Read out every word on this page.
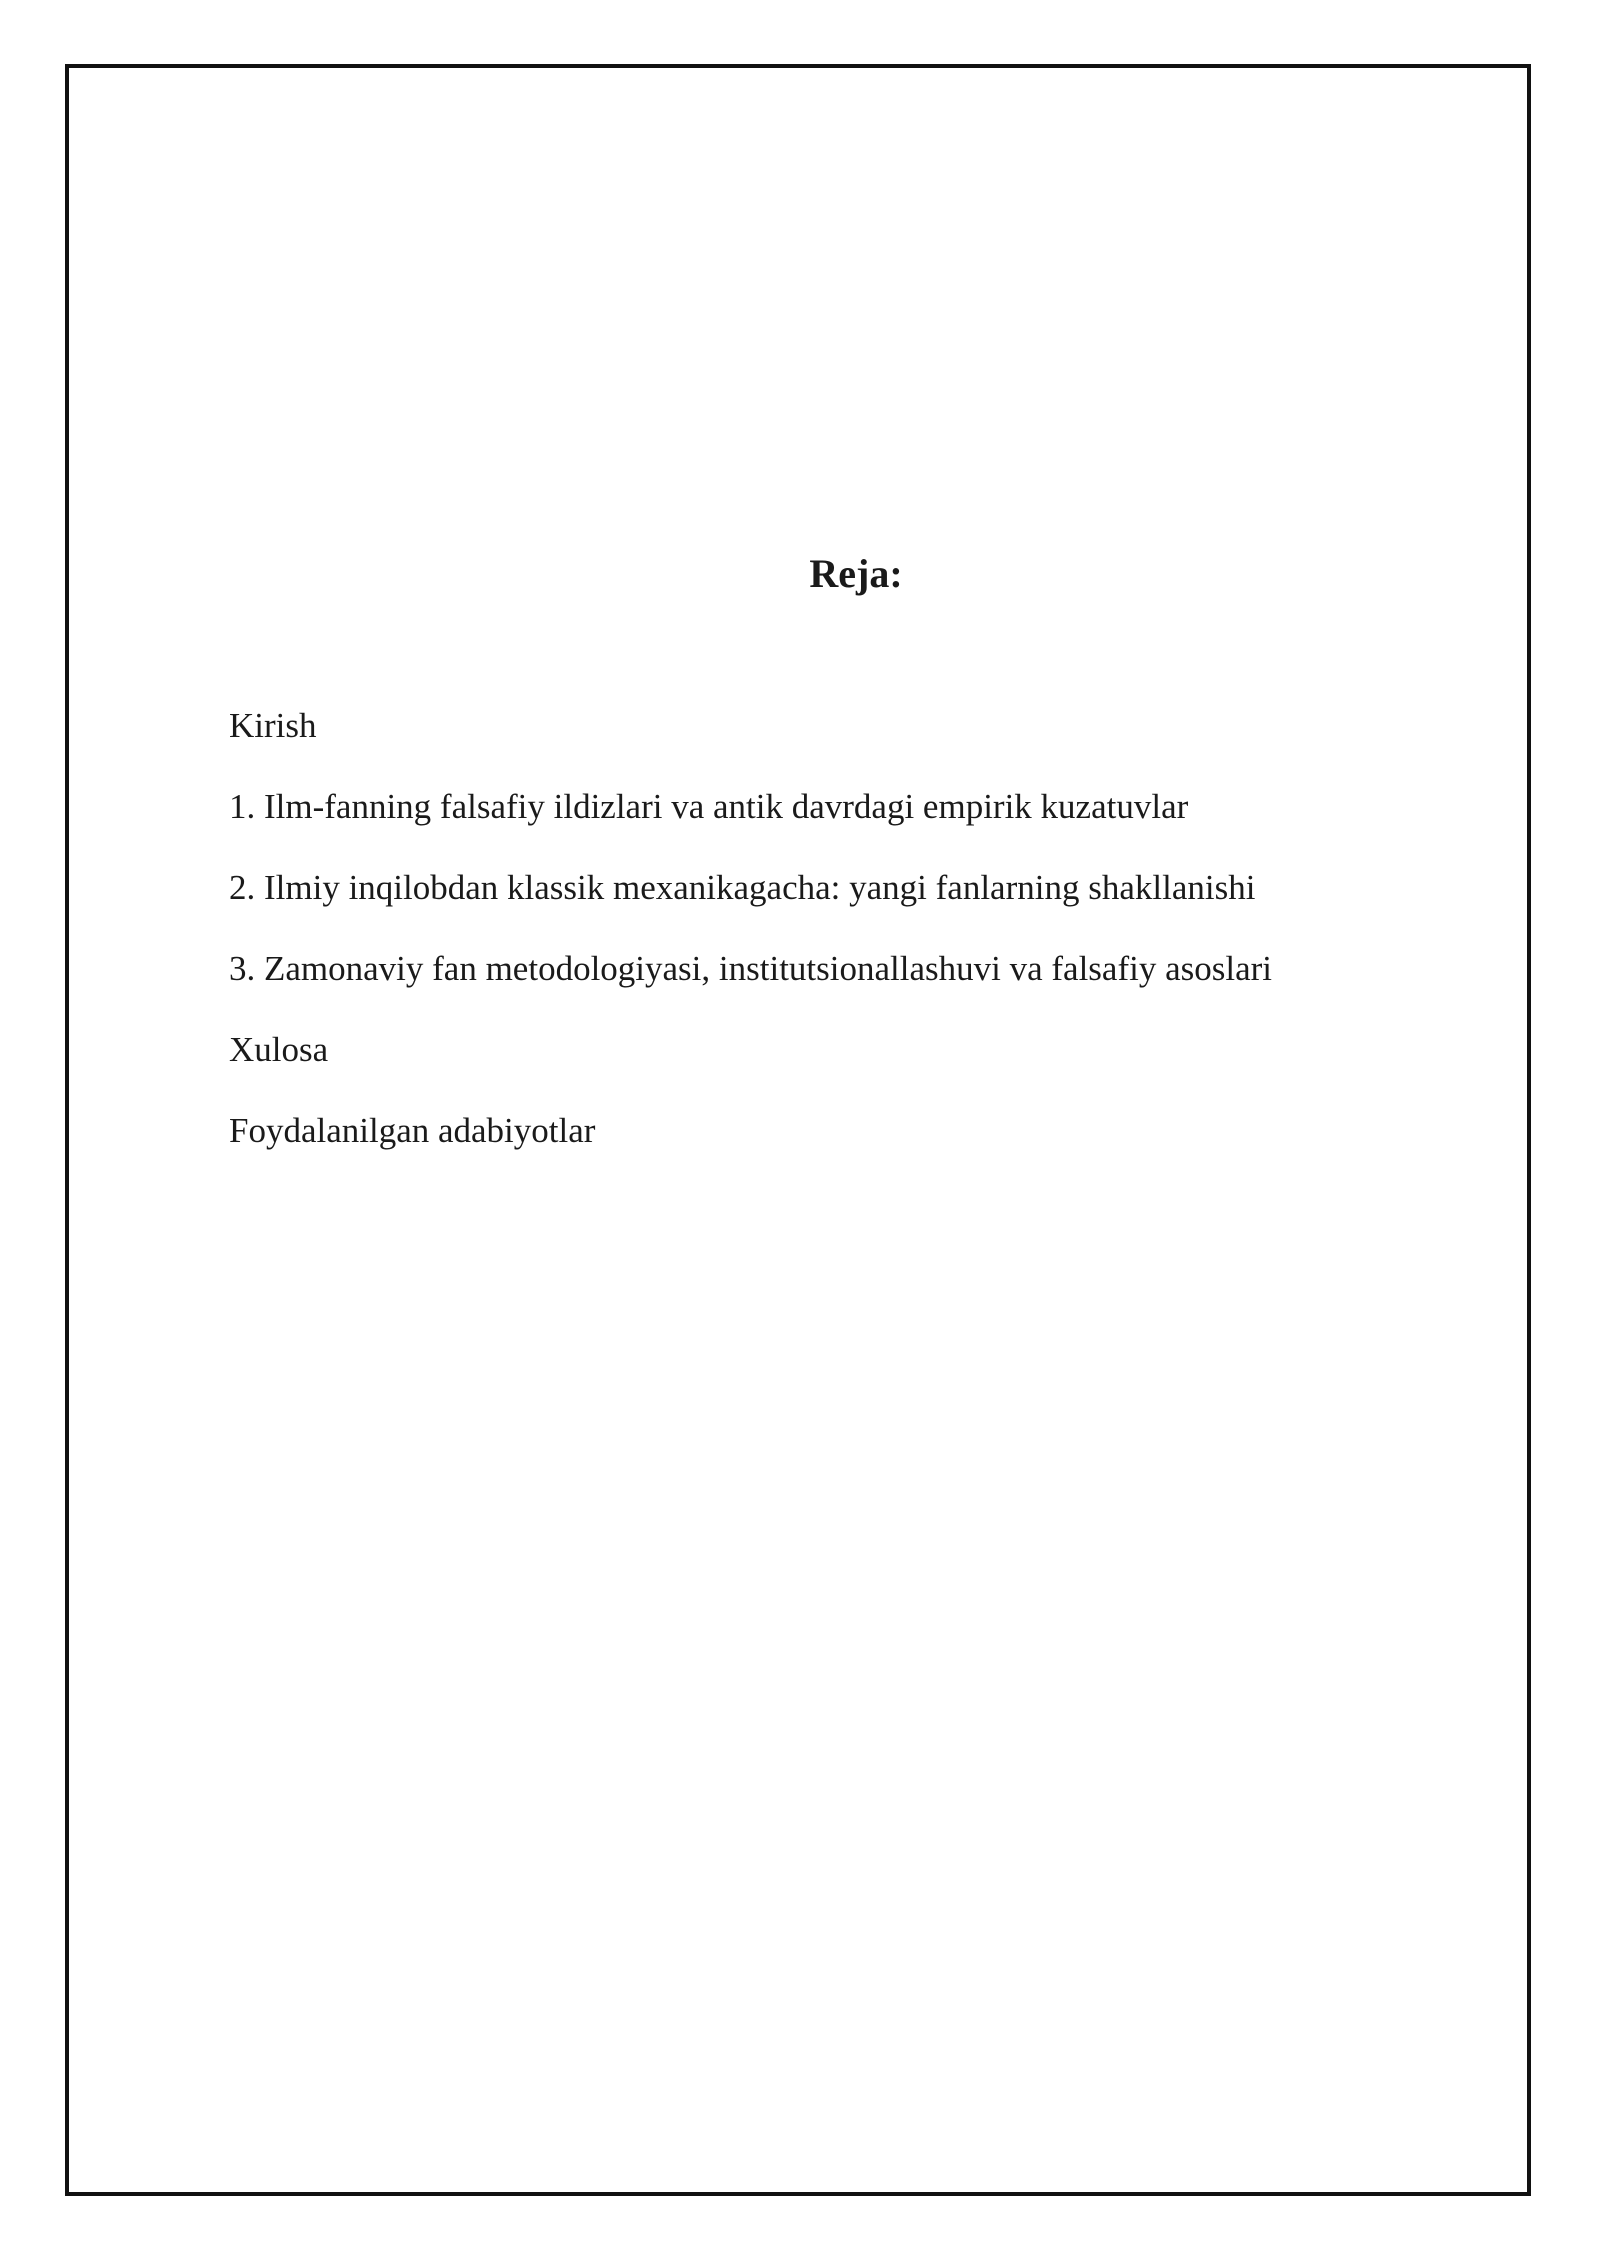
Reja:
Kirish
1. Ilm-fanning falsafiy ildizlari va antik davrdagi empirik kuzatuvlar
2. Ilmiy inqilobdan klassik mexanikagacha: yangi fanlarning shakllanishi
3. Zamonaviy fan metodologiyasi, institutsionallashuvi va falsafiy asoslari
Xulosa
Foydalanilgan adabiyotlar
